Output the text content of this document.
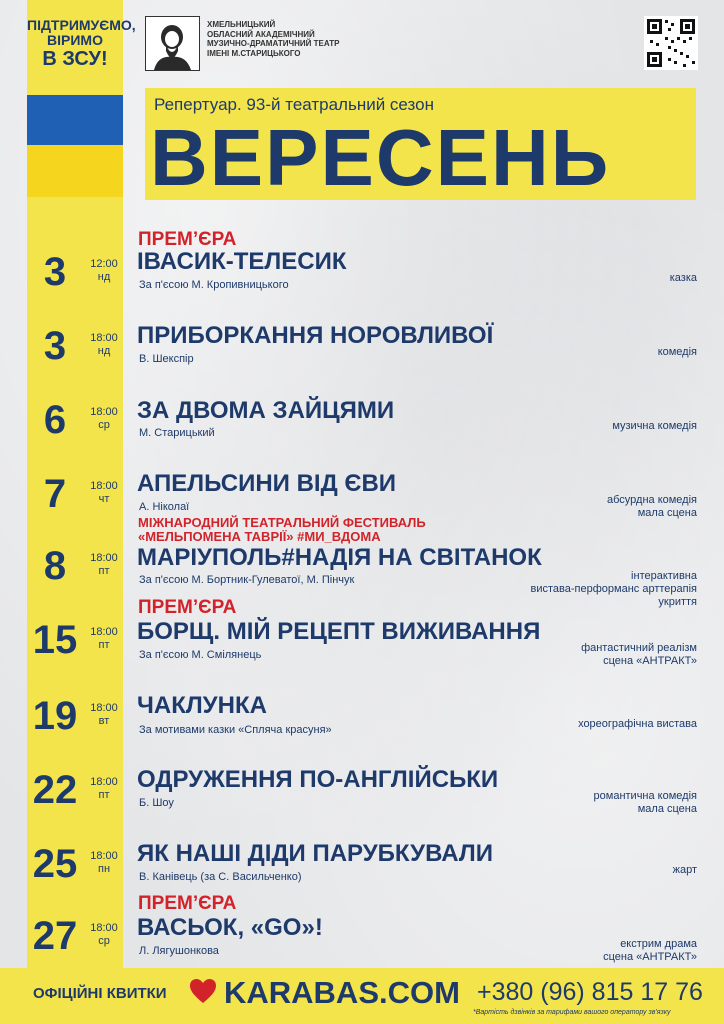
ПІДТРИМУЄМО,
ВІРИМО
В ЗСУ!
ХМЕЛЬНИЦЬКИЙ
ОБЛАСНИЙ АКАДЕМІЧНИЙ
МУЗИЧНО-ДРАМАТИЧНИЙ ТЕАТР
ІМЕНІ М.СТАРИЦЬКОГО
Репертуар. 93-й театральний сезон
ВЕРЕСЕНЬ
ПРЕМ’ЄРА
3	12:00
нд
ІВАСИК-ТЕЛЕСИК
За п'єсою М. Кропивницького
казка
3	18:00
нд
ПРИБОРКАННЯ НОРОВЛИВОЇ
В. Шекспір
комедія
6	18:00
ср
ЗА ДВОМА ЗАЙЦЯМИ
М. Старицький
музична комедія
7	18:00
чт
АПЕЛЬСИНИ ВІД ЄВИ
А. Ніколаї
абсурдна комедія
мала сцена
МІЖНАРОДНИЙ ТЕАТРАЛЬНИЙ ФЕСТИВАЛЬ
«МЕЛЬПОМЕНА ТАВРІЇ» #МИ_ВДОМА
8	18:00
пт
МАРІУПОЛЬ#НАДІЯ НА СВІТАНОК
За п'єсою М. Бортник-Гулеватої, М. Пінчук	інтерактивна
вистава-перформанс арттерапія
укриття
ПРЕМ’ЄРА
15	18:00
пт
БОРЩ. МІЙ РЕЦЕПТ ВИЖИВАННЯ
За п'єсою М. Смілянець
фантастичний реалізм
сцена «АНТРАКТ»
19	18:00
вт
ЧАКЛУНКА
За мотивами казки «Спляча красуня»	хореографічна вистава
22	18:00
пт
ОДРУЖЕННЯ ПО-АНГЛІЙСЬКИ
Б. Шоу
романтична комедія
мала сцена
25	18:00
пн
ЯК НАШІ ДІДИ ПАРУБКУВАЛИ
В. Канівець (за С. Васильченко)
жарт
ПРЕМ’ЄРА
27	18:00
ср
ВАСЬОК, «GO»!
Л. Лягушонкова
екстрим драма
сцена «АНТРАКТ»
ОФІЦІЙНІ КВИТКИ KARABAS.COM +380 (96) 815 17 76
*Вартість дзвінків за тарифами вашого оператору зв'язку
